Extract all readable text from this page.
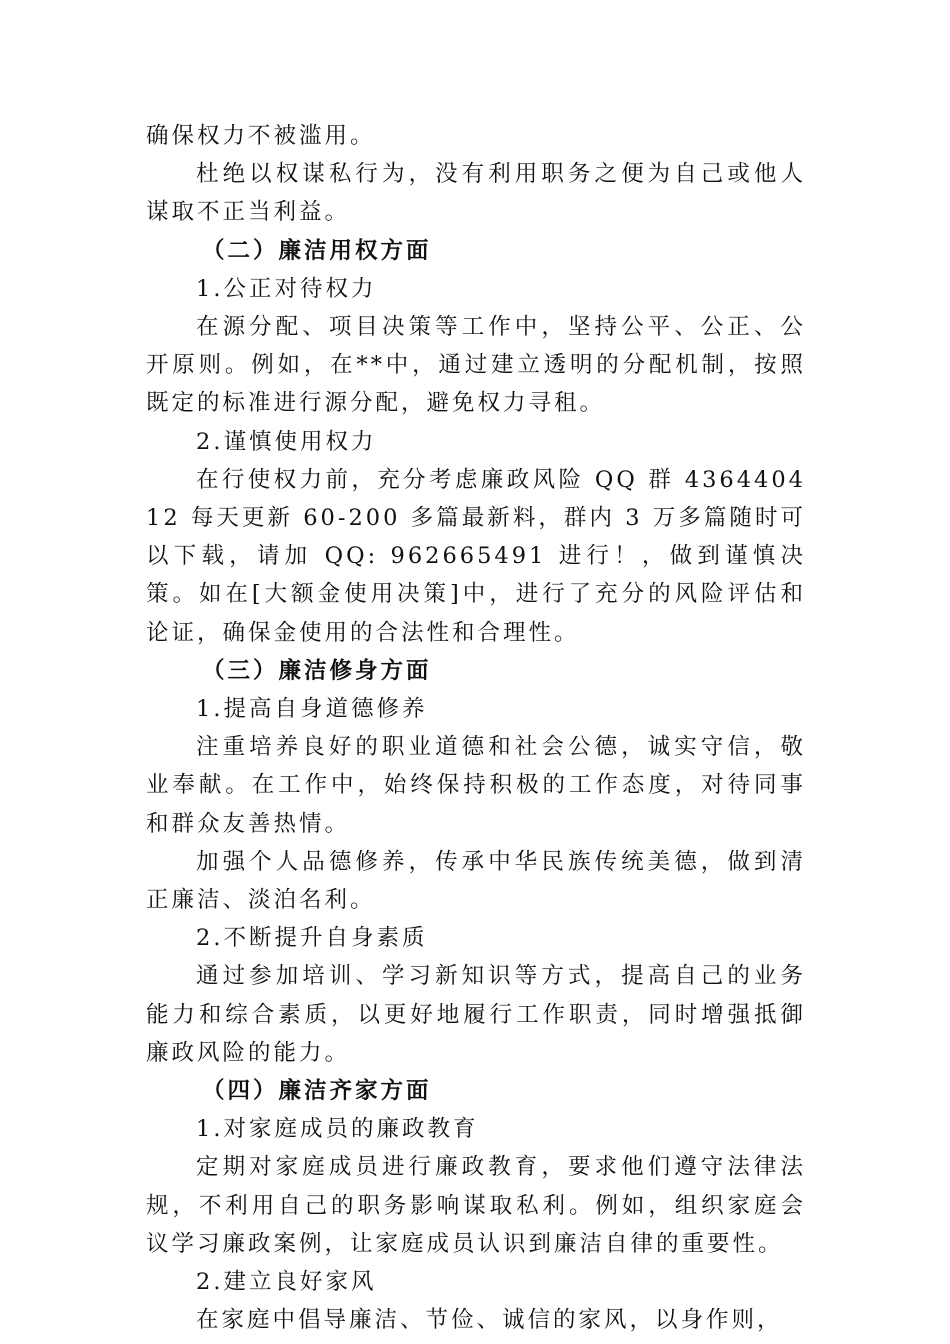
确保权力不被滥用。

杜绝以权谋私行为，没有利用职务之便为自己或他人谋取不正当利益。

（二）廉洁用权方面

1.公正对待权力

在源分配、项目决策等工作中，坚持公平、公正、公开原则。例如，在**中，通过建立透明的分配机制，按照既定的标准进行源分配，避免权力寻租。

2.谨慎使用权力

在行使权力前，充分考虑廉政风险 QQ 群 436440412 每天更新 60-200 多篇最新料，群内 3 万多篇随时可以下载，请加 QQ: 962665491 进行！，做到谨慎决策。如在[大额金使用决策]中，进行了充分的风险评估和论证，确保金使用的合法性和合理性。

（三）廉洁修身方面

1.提高自身道德修养

注重培养良好的职业道德和社会公德，诚实守信，敬业奉献。在工作中，始终保持积极的工作态度，对待同事和群众友善热情。

加强个人品德修养，传承中华民族传统美德，做到清正廉洁、淡泊名利。

2.不断提升自身素质

通过参加培训、学习新知识等方式，提高自己的业务能力和综合素质，以更好地履行工作职责，同时增强抵御廉政风险的能力。

（四）廉洁齐家方面

1.对家庭成员的廉政教育

定期对家庭成员进行廉政教育，要求他们遵守法律法规，不利用自己的职务影响谋取私利。例如，组织家庭会议学习廉政案例，让家庭成员认识到廉洁自律的重要性。

2.建立良好家风

在家庭中倡导廉洁、节俭、诚信的家风，以身作则，
